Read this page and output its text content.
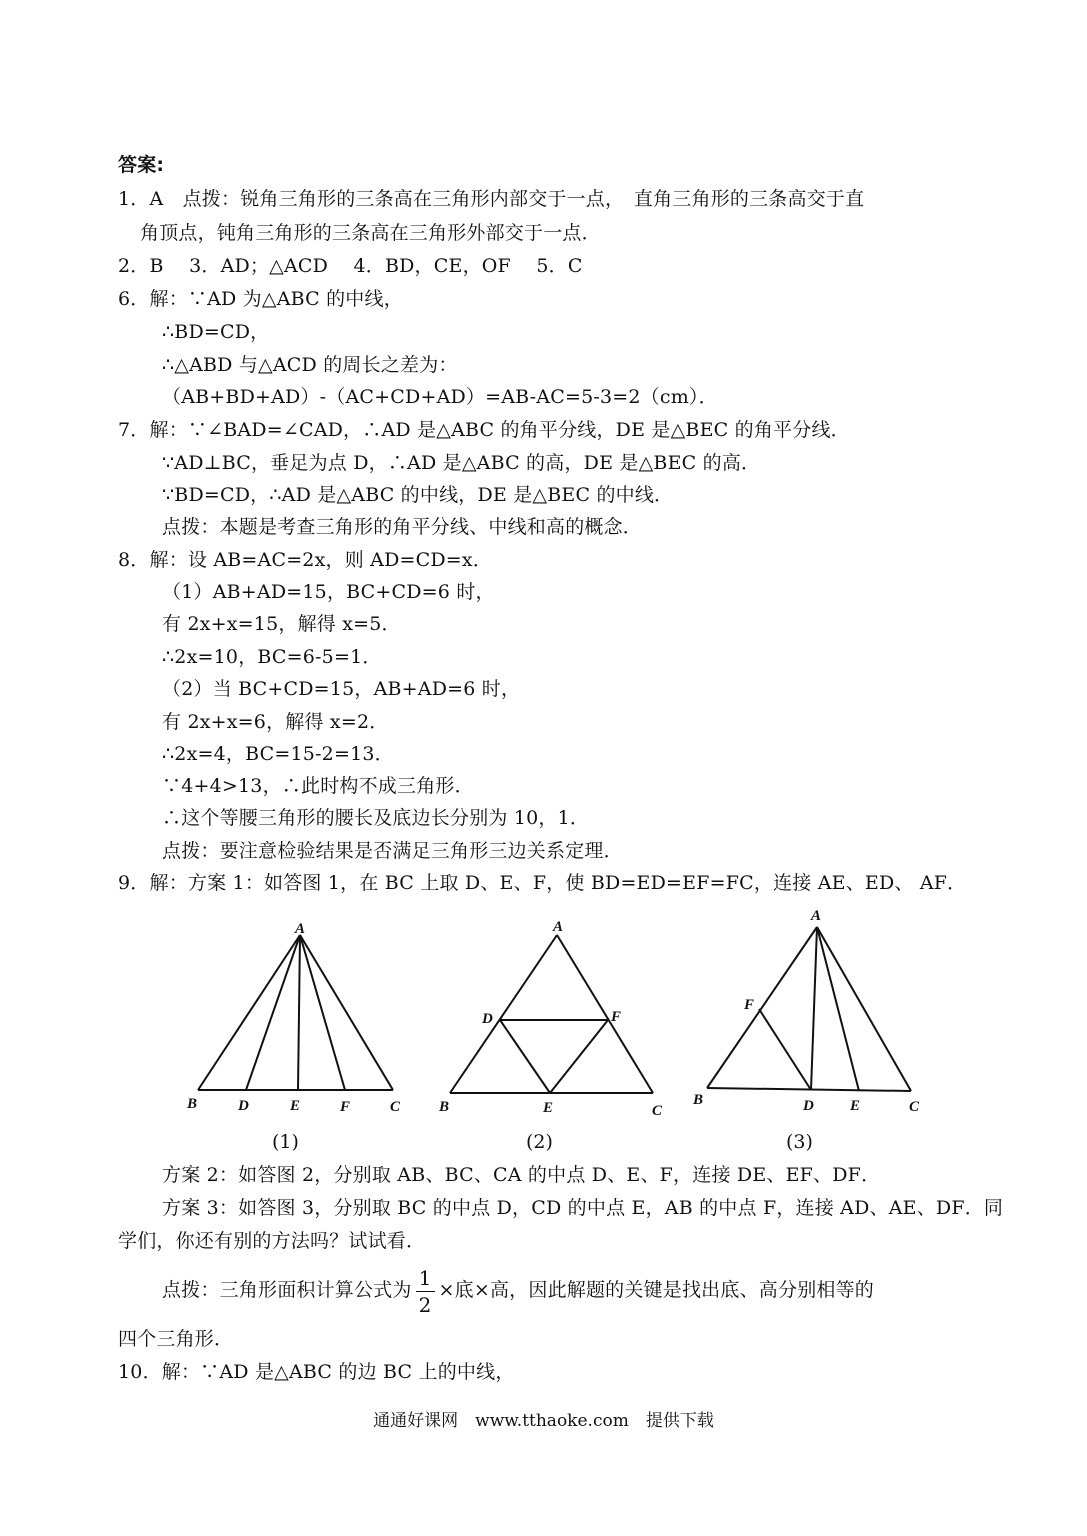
答案:
1．A　点拨：锐角三角形的三条高在三角形内部交于一点，　直角三角形的三条高交于直
角顶点，钝角三角形的三条高在三角形外部交于一点．
2．B　 3．AD；△ACD　 4．BD，CE，OF　 5．C
6．解：∵AD 为△ABC 的中线，
∴BD=CD，
∴△ABD 与△ACD 的周长之差为：
（AB+BD+AD）-（AC+CD+AD）=AB-AC=5-3=2（cm）．
7．解：∵∠BAD=∠CAD，∴AD 是△ABC 的角平分线，DE 是△BEC 的角平分线．
∵AD⊥BC，垂足为点 D，∴AD 是△ABC 的高，DE 是△BEC 的高．
∵BD=CD，∴AD 是△ABC 的中线，DE 是△BEC 的中线．
点拨：本题是考查三角形的角平分线、中线和高的概念．
8．解：设 AB=AC=2x，则 AD=CD=x．
（1）AB+AD=15，BC+CD=6 时，
有 2x+x=15，解得 x=5．
∴2x=10，BC=6-5=1．
（2）当 BC+CD=15，AB+AD=6 时，
有 2x+x=6，解得 x=2．
∴2x=4，BC=15-2=13．
∵4+4>13，∴此时构不成三角形．
∴这个等腰三角形的腰长及底边长分别为 10，1．
点拨：要注意检验结果是否满足三角形三边关系定理．
9．解：方案 1：如答图 1，在 BC 上取 D、E、F，使 BD=ED=EF=FC，连接 AE、ED、 AF．
A
B	D	E	F	C
(1)
A
D	F
B	E	C
(2)
A
F
B	D E	C
(3)
方案 2：如答图 2，分别取 AB、BC、CA 的中点 D、E、F，连接 DE、EF、DF．
方案 3：如答图 3，分别取 BC 的中点 D，CD 的中点 E，AB 的中点 F，连接 AD、AE、DF．同
学们，你还有别的方法吗？试试看．
点拨：三角形面积计算公式为 $\frac{1}{2}$ ×底×高，因此解题的关键是找出底、高分别相等的
四个三角形．
10．解：∵AD 是△ABC 的边 BC 上的中线，
通通好课网　www.tthaoke.com　提供下载
